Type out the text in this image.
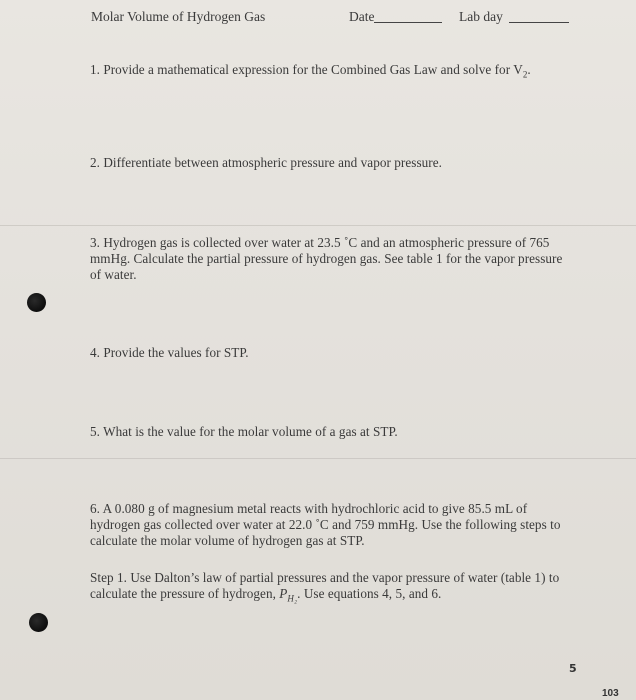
Molar Volume of Hydrogen Gas	Date	Lab day
1. Provide a mathematical expression for the Combined Gas Law and solve for $V_2$.
2. Differentiate between atmospheric pressure and vapor pressure.
3. Hydrogen gas is collected over water at 23.5 ˚C and an atmospheric pressure of 765 mmHg. Calculate the partial pressure of hydrogen gas. See table 1 for the vapor pressure of water.
4. Provide the values for STP.
5. What is the value for the molar volume of a gas at STP.
6. A 0.080 g of magnesium metal reacts with hydrochloric acid to give 85.5 mL of hydrogen gas collected over water at 22.0 ˚C and 759 mmHg. Use the following steps to calculate the molar volume of hydrogen gas at STP.
Step 1. Use Dalton’s law of partial pressures and the vapor pressure of water (table 1) to calculate the pressure of hydrogen, $P_{H_2}$. Use equations 4, 5, and 6.
5
103
